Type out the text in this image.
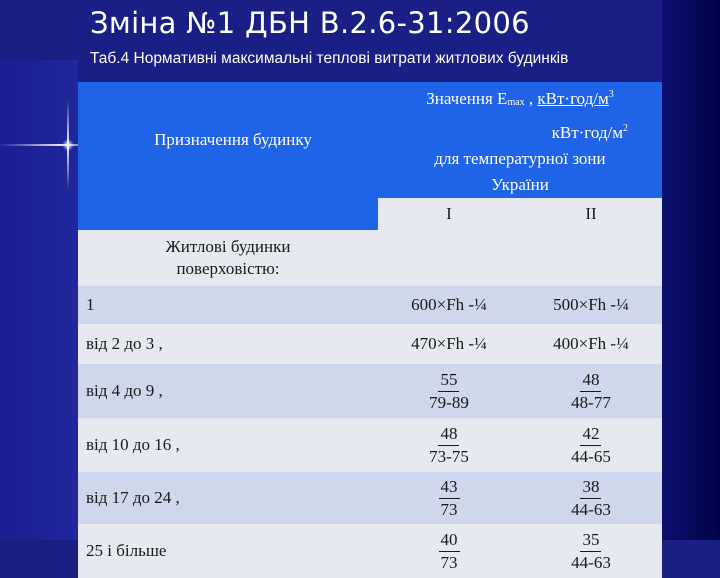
Зміна №1 ДБН В.2.6-31:2006
Таб.4 Нормативні максимальні теплові витрати житлових будинків
Призначення будинку	Значення $E_{max}$ , $кВт\cdot год/м^3$
$кВт\cdot год/м^2$
для температурної зони
України	

	I	II

Житлові будинки
поверховістю:		

1	600×Fh -¼	500×Fh -¼
від 2 до 3 ,	470×Fh -¼	400×Fh -¼
від 4 до 9 ,	$\frac{55}{79-89}$	$\frac{48}{48-77}$

від 10 до 16 ,	$\frac{48}{73-75}$	$\frac{42}{44-65}$

від 17 до 24 ,	$\frac{43}{73}$	$\frac{38}{44-63}$

25 і більше	$\frac{40}{73}$	$\frac{35}{44-63}$
